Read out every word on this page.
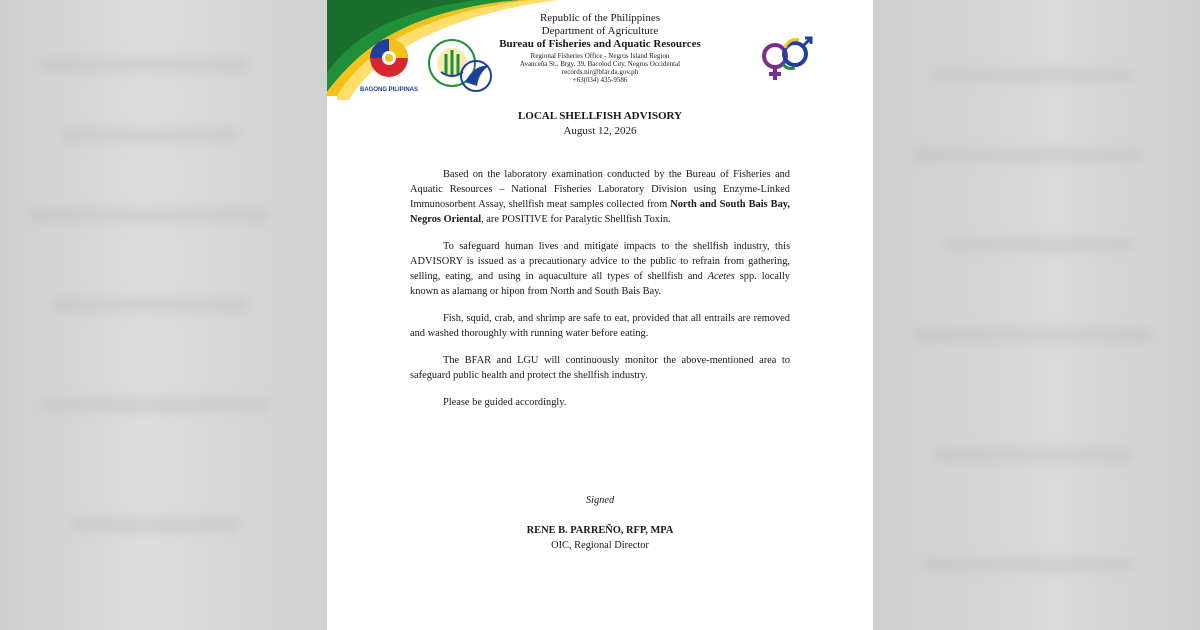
BAGONG PILIPINAS
Republic of the Philippines
Department of Agriculture
Bureau of Fisheries and Aquatic Resources
Regional Fisheries Office - Negros Island Region
Avanceña St., Brgy. 39, Bacolod City, Negros Occidental
records.nir@bfar.da.gov.ph
+63(034) 435-9586
LOCAL SHELLFISH ADVISORY
August 12, 2026

Based on the laboratory examination conducted by the Bureau of Fisheries and Aquatic Resources – National Fisheries Laboratory Division using Enzyme-Linked Immunosorbent Assay, shellfish meat samples collected from North and South Bais Bay, Negros Oriental, are POSITIVE for Paralytic Shellfish Toxin.

To safeguard human lives and mitigate impacts to the shellfish industry, this ADVISORY is issued as a precautionary advice to the public to refrain from gathering, selling, eating, and using in aquaculture all types of shellfish and Acetes spp. locally known as alamang or hipon from North and South Bais Bay.

Fish, squid, crab, and shrimp are safe to eat, provided that all entrails are removed and washed thoroughly with running water before eating.

The BFAR and LGU will continuously monitor the above-mentioned area to safeguard public health and protect the shellfish industry.

Please be guided accordingly.

Signed
RENE B. PARREÑO, RFP, MPA
OIC, Regional Director
